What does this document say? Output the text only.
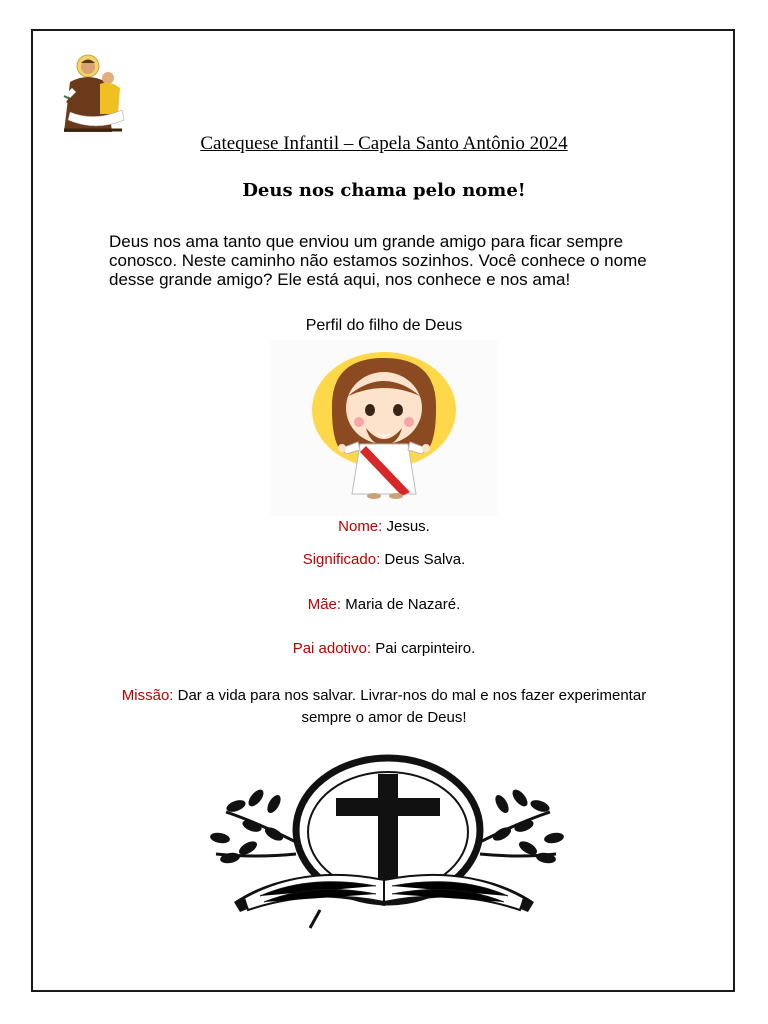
Catequese Infantil – Capela Santo Antônio 2024
Deus nos chama pelo nome!
Deus nos ama tanto que enviou um grande amigo para ficar sempre conosco. Neste caminho não estamos sozinhos. Você conhece o nome desse grande amigo? Ele está aqui, nos conhece e nos ama!
Perfil do filho de Deus
Nome: Jesus.
Significado: Deus Salva.
Mãe: Maria de Nazaré.
Pai adotivo: Pai carpinteiro.
Missão: Dar a vida para nos salvar. Livrar-nos do mal e nos fazer experimentar sempre o amor de Deus!
